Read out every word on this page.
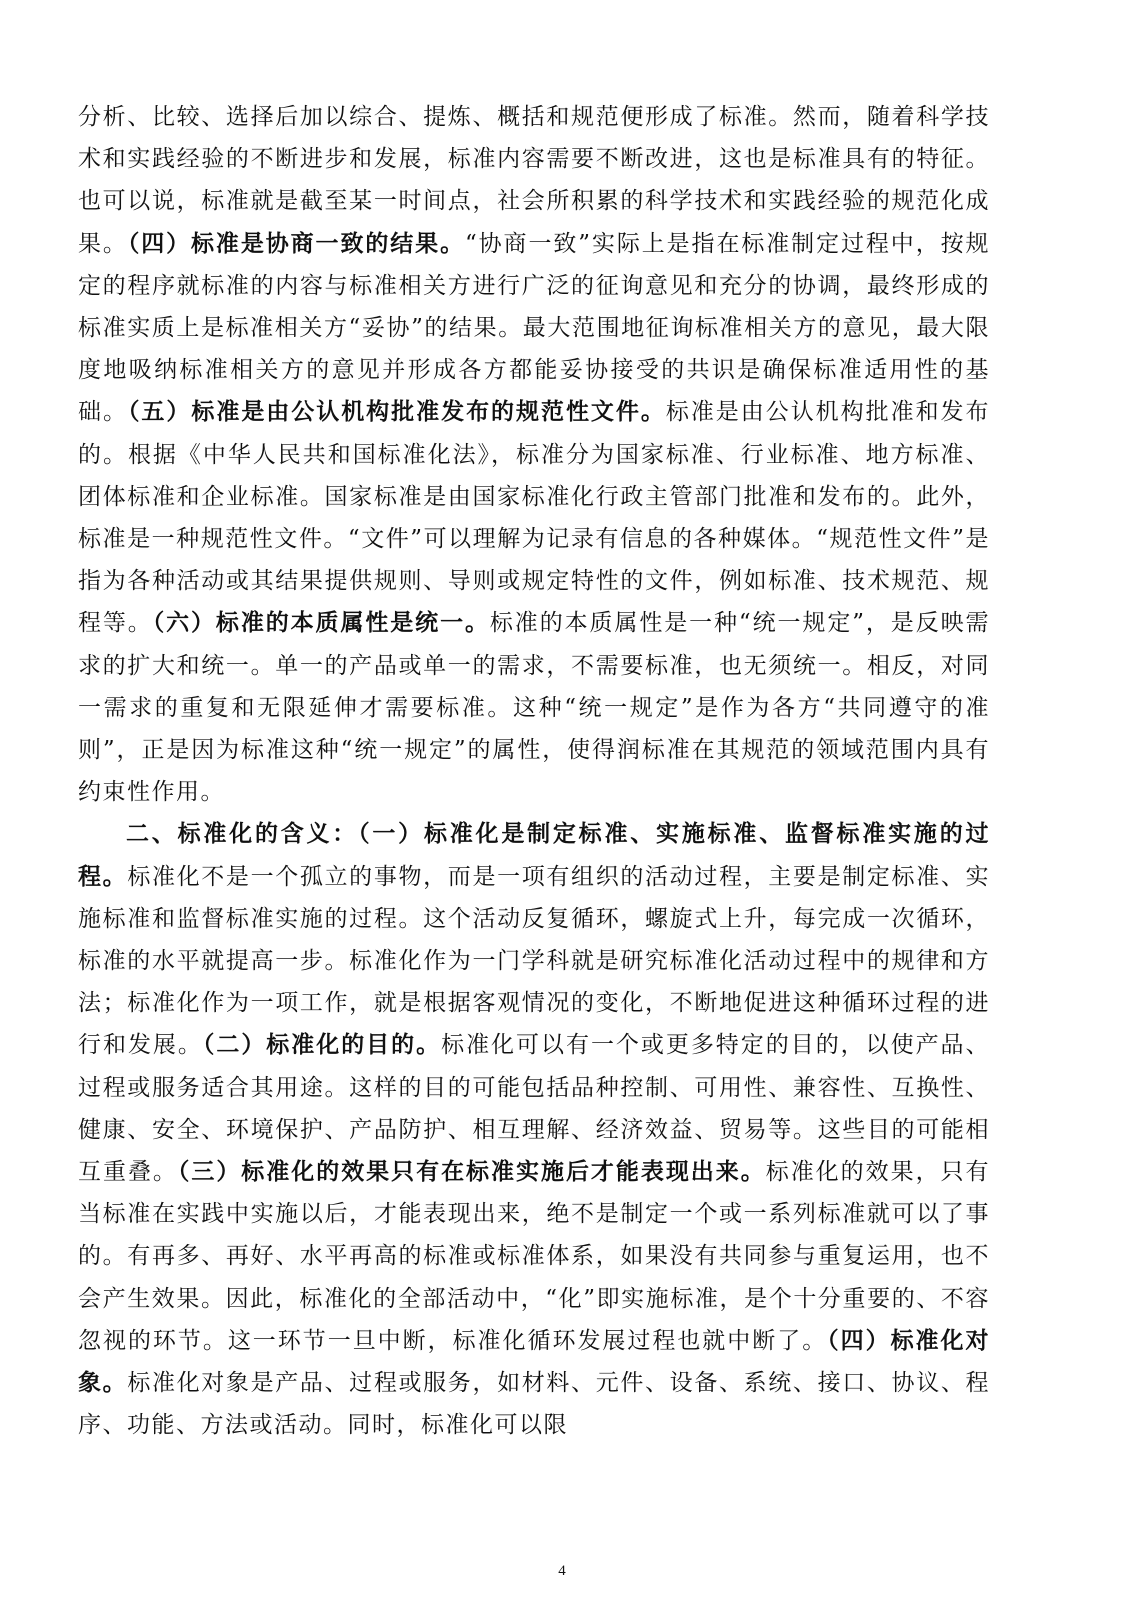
分析、比较、选择后加以综合、提炼、概括和规范便形成了标准。然而，随着科学技术和实践经验的不断进步和发展，标准内容需要不断改进，这也是标准具有的特征。也可以说，标准就是截至某一时间点，社会所积累的科学技术和实践经验的规范化成果。（四）标准是协商一致的结果。“协商一致”实际上是指在标准制定过程中，按规定的程序就标准的内容与标准相关方进行广泛的征询意见和充分的协调，最终形成的标准实质上是标准相关方“妥协”的结果。最大范围地征询标准相关方的意见，最大限度地吸纳标准相关方的意见并形成各方都能妥协接受的共识是确保标准适用性的基础。（五）标准是由公认机构批准发布的规范性文件。标准是由公认机构批准和发布的。根据《中华人民共和国标准化法》，标准分为国家标准、行业标准、地方标准、团体标准和企业标准。国家标准是由国家标准化行政主管部门批准和发布的。此外，标准是一种规范性文件。“文件”可以理解为记录有信息的各种媒体。“规范性文件”是指为各种活动或其结果提供规则、导则或规定特性的文件，例如标准、技术规范、规程等。（六）标准的本质属性是统一。标准的本质属性是一种“统一规定”，是反映需求的扩大和统一。单一的产品或单一的需求，不需要标准，也无须统一。相反，对同一需求的重复和无限延伸才需要标准。这种“统一规定”是作为各方“共同遵守的准则”，正是因为标准这种“统一规定”的属性，使得润标准在其规范的领域范围内具有约束性作用。

二、标准化的含义：（一）标准化是制定标准、实施标准、监督标准实施的过程。标准化不是一个孤立的事物，而是一项有组织的活动过程，主要是制定标准、实施标准和监督标准实施的过程。这个活动反复循环，螺旋式上升，每完成一次循环，标准的水平就提高一步。标准化作为一门学科就是研究标准化活动过程中的规律和方法；标准化作为一项工作，就是根据客观情况的变化，不断地促进这种循环过程的进行和发展。（二）标准化的目的。标准化可以有一个或更多特定的目的，以使产品、过程或服务适合其用途。这样的目的可能包括品种控制、可用性、兼容性、互换性、健康、安全、环境保护、产品防护、相互理解、经济效益、贸易等。这些目的可能相互重叠。（三）标准化的效果只有在标准实施后才能表现出来。标准化的效果，只有当标准在实践中实施以后，才能表现出来，绝不是制定一个或一系列标准就可以了事的。有再多、再好、水平再高的标准或标准体系，如果没有共同参与重复运用，也不会产生效果。因此，标准化的全部活动中，“化”即实施标准，是个十分重要的、不容忽视的环节。这一环节一旦中断，标准化循环发展过程也就中断了。（四）标准化对象。标准化对象是产品、过程或服务，如材料、元件、设备、系统、接口、协议、程序、功能、方法或活动。同时，标准化可以限

4
